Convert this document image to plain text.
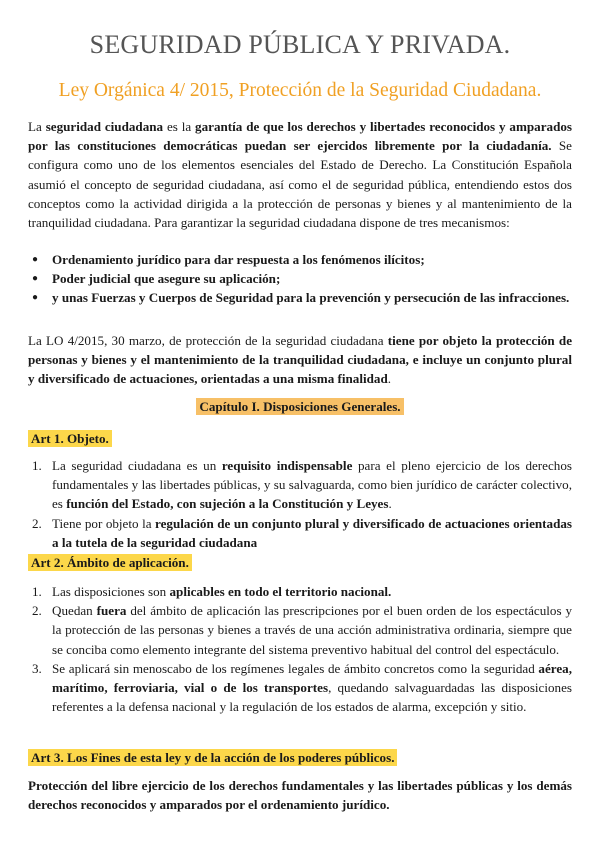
SEGURIDAD PÚBLICA Y PRIVADA.
Ley Orgánica 4/ 2015, Protección de la Seguridad Ciudadana.

La seguridad ciudadana es la garantía de que los derechos y libertades reconocidos y amparados por las constituciones democráticas puedan ser ejercidos libremente por la ciudadanía. Se configura como uno de los elementos esenciales del Estado de Derecho. La Constitución Española asumió el concepto de seguridad ciudadana, así como el de seguridad pública, entendiendo estos dos conceptos como la actividad dirigida a la protección de personas y bienes y al mantenimiento de la tranquilidad ciudadana. Para garantizar la seguridad ciudadana dispone de tres mecanismos:

● Ordenamiento jurídico para dar respuesta a los fenómenos ilícitos;
● Poder judicial que asegure su aplicación;
● y unas Fuerzas y Cuerpos de Seguridad para la prevención y persecución de las infracciones.

La LO 4/2015, 30 marzo, de protección de la seguridad ciudadana tiene por objeto la protección de personas y bienes y el mantenimiento de la tranquilidad ciudadana, e incluye un conjunto plural y diversificado de actuaciones, orientadas a una misma finalidad.

Capítulo I. Disposiciones Generales.
Art 1. Objeto.
1. La seguridad ciudadana es un requisito indispensable para el pleno ejercicio de los derechos fundamentales y las libertades públicas, y su salvaguarda, como bien jurídico de carácter colectivo, es función del Estado, con sujeción a la Constitución y Leyes.
2. Tiene por objeto la regulación de un conjunto plural y diversificado de actuaciones orientadas a la tutela de la seguridad ciudadana
Art 2. Ámbito de aplicación.
1. Las disposiciones son aplicables en todo el territorio nacional.
2. Quedan fuera del ámbito de aplicación las prescripciones por el buen orden de los espectáculos y la protección de las personas y bienes a través de una acción administrativa ordinaria, siempre que se conciba como elemento integrante del sistema preventivo habitual del control del espectáculo.
3. Se aplicará sin menoscabo de los regímenes legales de ámbito concretos como la seguridad aérea, marítimo, ferroviaria, vial o de los transportes, quedando salvaguardadas las disposiciones referentes a la defensa nacional y la regulación de los estados de alarma, excepción y sitio.
Art 3. Los Fines de esta ley y de la acción de los poderes públicos.

Protección del libre ejercicio de los derechos fundamentales y las libertades públicas y los demás derechos reconocidos y amparados por el ordenamiento jurídico.
